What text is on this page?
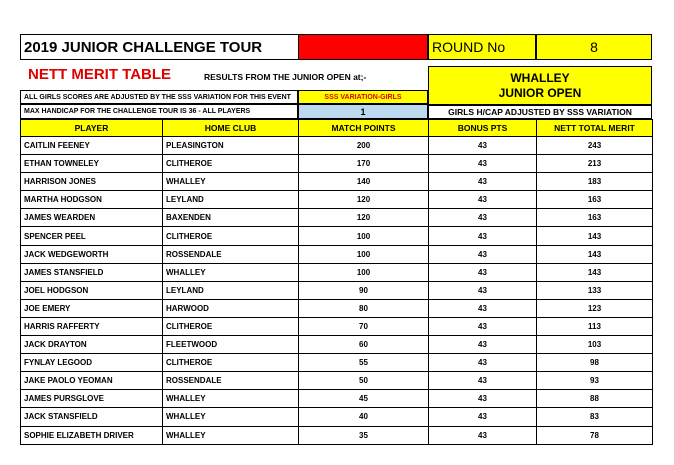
2019 JUNIOR CHALLENGE TOUR	ROUND No	8
NETT MERIT TABLE	RESULTS FROM THE JUNIOR OPEN at;-	WHALLEY
JUNIOR OPEN
ALL GIRLS SCORES ARE ADJUSTED BY THE SSS VARIATION FOR THIS EVENT	SSS VARIATION-GIRLS
MAX HANDICAP FOR THE CHALLENGE TOUR IS 36 - ALL PLAYERS	1	GIRLS H/CAP ADJUSTED BY SSS VARIATION
PLAYER	HOME CLUB	MATCH POINTS	BONUS PTS	NETT TOTAL MERIT
CAITLIN FEENEY	PLEASINGTON	200	43	243
ETHAN TOWNELEY	CLITHEROE	170	43	213
HARRISON JONES	WHALLEY	140	43	183
MARTHA HODGSON	LEYLAND	120	43	163
JAMES WEARDEN	BAXENDEN	120	43	163
SPENCER PEEL	CLITHEROE	100	43	143
JACK WEDGEWORTH	ROSSENDALE	100	43	143
JAMES STANSFIELD	WHALLEY	100	43	143
JOEL HODGSON	LEYLAND	90	43	133
JOE EMERY	HARWOOD	80	43	123
HARRIS RAFFERTY	CLITHEROE	70	43	113
JACK DRAYTON	FLEETWOOD	60	43	103
FYNLAY LEGOOD	CLITHEROE	55	43	98
JAKE PAOLO YEOMAN	ROSSENDALE	50	43	93
JAMES PURSGLOVE	WHALLEY	45	43	88
JACK STANSFIELD	WHALLEY	40	43	83
SOPHIE ELIZABETH DRIVER	WHALLEY	35	43	78
